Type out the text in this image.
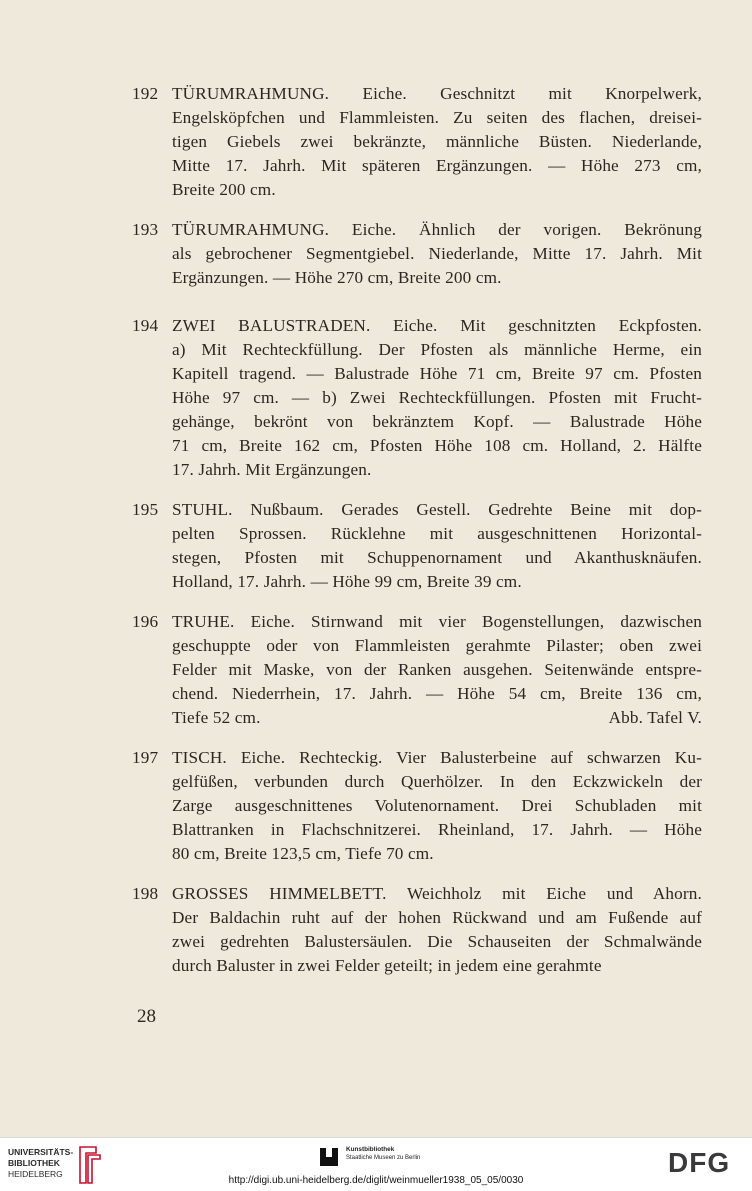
192 TÜRUMRAHMUNG. Eiche. Geschnitzt mit Knorpelwerk,
Engelsköpfchen und Flammleisten. Zu seiten des flachen, dreisei-
tigen Giebels zwei bekränzte, männliche Büsten. Niederlande,
Mitte 17. Jahrh. Mit späteren Ergänzungen. — Höhe 273 cm,
Breite 200 cm.
193 TÜRUMRAHMUNG. Eiche. Ähnlich der vorigen. Bekrönung
als gebrochener Segmentgiebel. Niederlande, Mitte 17. Jahrh. Mit
Ergänzungen. — Höhe 270 cm, Breite 200 cm.
194 ZWEI BALUSTRADEN. Eiche. Mit geschnitzten Eckpfosten.
a) Mit Rechteckfüllung. Der Pfosten als männliche Herme, ein
Kapitell tragend. — Balustrade Höhe 71 cm, Breite 97 cm. Pfosten
Höhe 97 cm. — b) Zwei Rechteckfüllungen. Pfosten mit Frucht-
gehänge, bekrönt von bekränztem Kopf. — Balustrade Höhe
71 cm, Breite 162 cm, Pfosten Höhe 108 cm. Holland, 2. Hälfte
17. Jahrh. Mit Ergänzungen.
195 STUHL. Nußbaum. Gerades Gestell. Gedrehte Beine mit dop-
pelten Sprossen. Rücklehne mit ausgeschnittenen Horizontal-
stegen, Pfosten mit Schuppenornament und Akanthusknäufen.
Holland, 17. Jahrh. — Höhe 99 cm, Breite 39 cm.
196 TRUHE. Eiche. Stirnwand mit vier Bogenstellungen, dazwischen
geschuppte oder von Flammleisten gerahmte Pilaster; oben zwei
Felder mit Maske, von der Ranken ausgehen. Seitenwände entspre-
chend. Niederrhein, 17. Jahrh. — Höhe 54 cm, Breite 136 cm,
Tiefe 52 cm.	Abb. Tafel V.
197 TISCH. Eiche. Rechteckig. Vier Balusterbeine auf schwarzen Ku-
gelfüßen, verbunden durch Querhölzer. In den Eckzwickeln der
Zarge ausgeschnittenes Volutenornament. Drei Schubladen mit
Blattranken in Flachschnitzerei. Rheinland, 17. Jahrh. — Höhe
80 cm, Breite 123,5 cm, Tiefe 70 cm.
198 GROSSES HIMMELBETT. Weichholz mit Eiche und Ahorn.
Der Baldachin ruht auf der hohen Rückwand und am Fußende auf
zwei gedrehten Balustersäulen. Die Schauseiten der Schmalwände
durch Baluster in zwei Felder geteilt; in jedem eine gerahmte
28
UNIVERSITÄTS-
BIBLIOTHEK
HEIDELBERG
Kunstbibliothek
Staatliche Museen zu Berlin	DFG
http://digi.ub.uni-heidelberg.de/diglit/weinmueller1938_05_05/0030
